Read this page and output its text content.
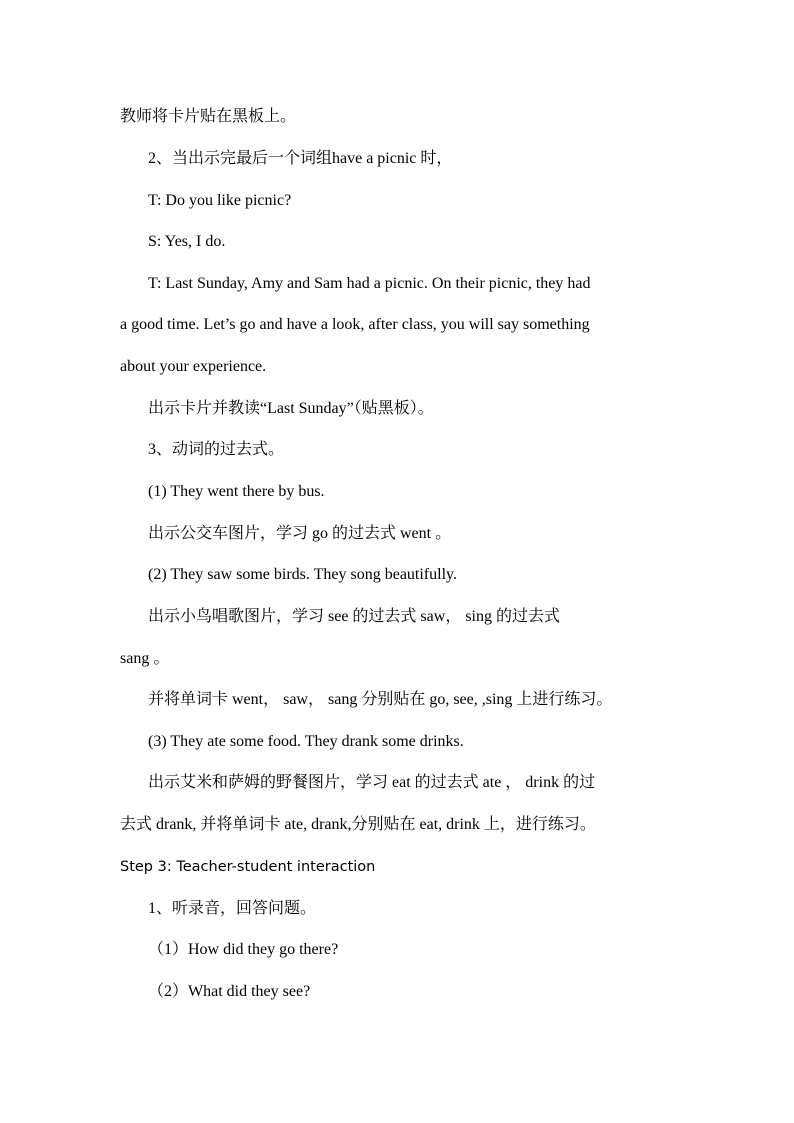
教师将卡片贴在黑板上。
2、当出示完最后一个词组have a picnic 时，
T: Do you like picnic?
S: Yes, I do.
T: Last Sunday, Amy and Sam had a picnic. On their picnic, they had
a good time. Let’s go and have a look, after class, you will say something
about your experience.
出示卡片并教读“Last Sunday”（贴黑板）。
3、动词的过去式。
(1) They went there by bus.
出示公交车图片，学习 go 的过去式 went 。
(2) They saw some birds. They song beautifully.
出示小鸟唱歌图片，学习 see 的过去式 saw， sing 的过去式
sang 。
并将单词卡 went， saw， sang 分别贴在 go, see, ,sing 上进行练习。
(3) They ate some food. They drank some drinks.
出示艾米和萨姆的野餐图片，学习 eat 的过去式 ate ， drink 的过
去式 drank, 并将单词卡 ate, drank,分别贴在 eat, drink 上，进行练习。
Step 3: Teacher-student interaction
1、听录音，回答问题。
（1）How did they go there?
（2）What did they see?
